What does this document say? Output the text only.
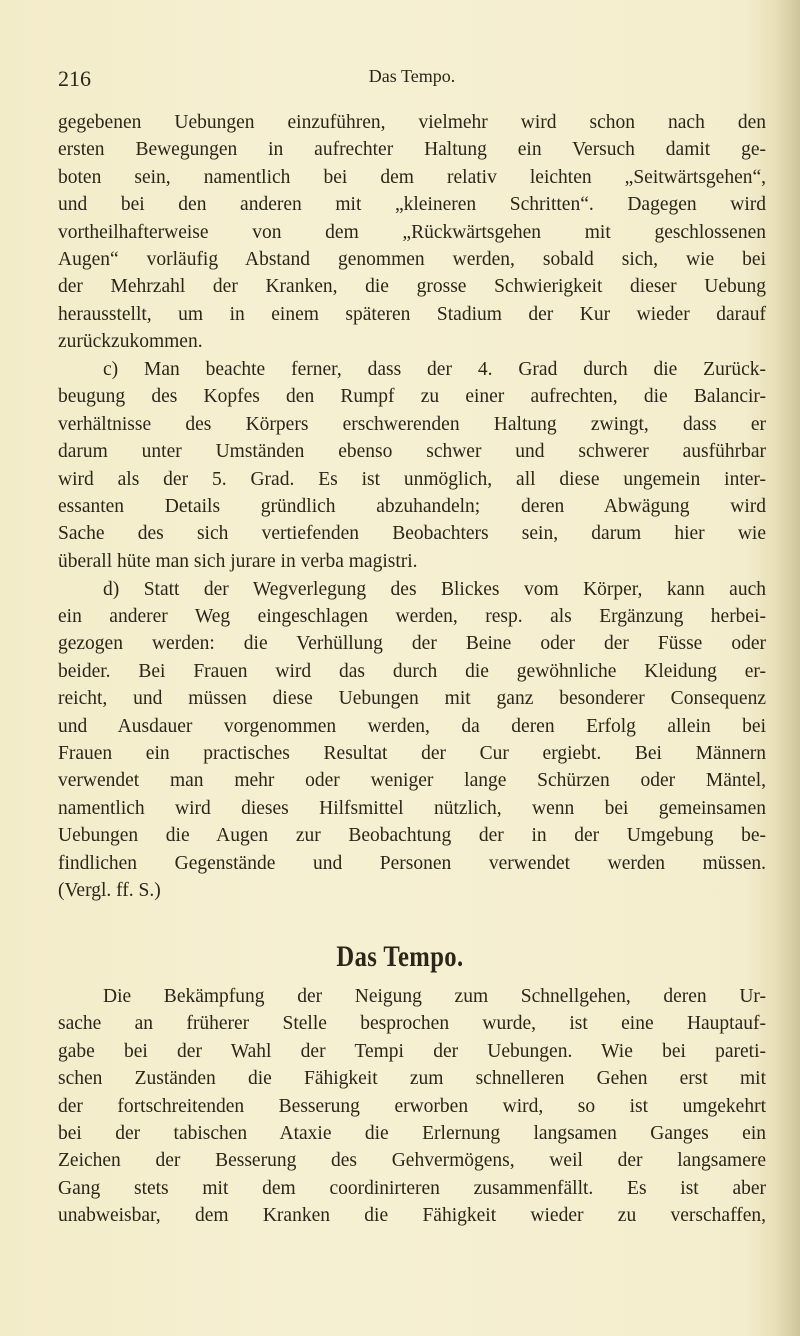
216	Das Tempo.
gegebenen Uebungen einzuführen, vielmehr wird schon nach den
ersten Bewegungen in aufrechter Haltung ein Versuch damit ge-
boten sein, namentlich bei dem relativ leichten „Seitwärtsgehen“,
und bei den anderen mit „kleineren Schritten“. Dagegen wird
vortheilhafterweise von dem „Rückwärtsgehen mit geschlossenen
Augen“ vorläufig Abstand genommen werden, sobald sich, wie bei
der Mehrzahl der Kranken, die grosse Schwierigkeit dieser Uebung
herausstellt, um in einem späteren Stadium der Kur wieder darauf
zurückzukommen.
c) Man beachte ferner, dass der 4. Grad durch die Zurück-
beugung des Kopfes den Rumpf zu einer aufrechten, die Balancir-
verhältnisse des Körpers erschwerenden Haltung zwingt, dass er
darum unter Umständen ebenso schwer und schwerer ausführbar
wird als der 5. Grad. Es ist unmöglich, all diese ungemein inter-
essanten Details gründlich abzuhandeln; deren Abwägung wird
Sache des sich vertiefenden Beobachters sein, darum hier wie
überall hüte man sich jurare in verba magistri.
d) Statt der Wegverlegung des Blickes vom Körper, kann auch
ein anderer Weg eingeschlagen werden, resp. als Ergänzung herbei-
gezogen werden: die Verhüllung der Beine oder der Füsse oder
beider. Bei Frauen wird das durch die gewöhnliche Kleidung er-
reicht, und müssen diese Uebungen mit ganz besonderer Consequenz
und Ausdauer vorgenommen werden, da deren Erfolg allein bei
Frauen ein practisches Resultat der Cur ergiebt. Bei Männern
verwendet man mehr oder weniger lange Schürzen oder Mäntel,
namentlich wird dieses Hilfsmittel nützlich, wenn bei gemeinsamen
Uebungen die Augen zur Beobachtung der in der Umgebung be-
findlichen Gegenstände und Personen verwendet werden müssen.
(Vergl. ff. S.)
Das Tempo.
Die Bekämpfung der Neigung zum Schnellgehen, deren Ur-
sache an früherer Stelle besprochen wurde, ist eine Hauptauf-
gabe bei der Wahl der Tempi der Uebungen. Wie bei pareti-
schen Zuständen die Fähigkeit zum schnelleren Gehen erst mit
der fortschreitenden Besserung erworben wird, so ist umgekehrt
bei der tabischen Ataxie die Erlernung langsamen Ganges ein
Zeichen der Besserung des Gehvermögens, weil der langsamere
Gang stets mit dem coordinirteren zusammenfällt. Es ist aber
unabweisbar, dem Kranken die Fähigkeit wieder zu verschaffen,
